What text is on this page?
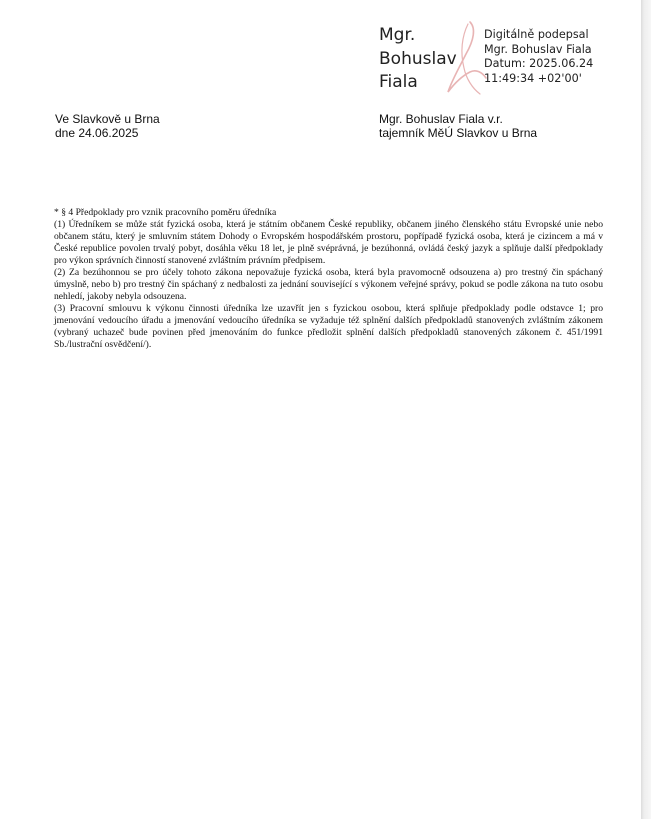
Mgr.
Bohuslav
Fiala
Digitálně podepsal
Mgr. Bohuslav Fiala
Datum: 2025.06.24
11:49:34 +02'00'
Ve Slavkově u Brna
dne 24.06.2025
Mgr. Bohuslav Fiala v.r.
tajemník MěÚ Slavkov u Brna

* § 4 Předpoklady pro vznik pracovního poměru úředníka

(1) Úředníkem se může stát fyzická osoba, která je státním občanem České republiky, občanem jiného členského státu Evropské unie nebo občanem státu, který je smluvním státem Dohody o Evropském hospodářském prostoru, popřípadě fyzická osoba, která je cizincem a má v České republice povolen trvalý pobyt, dosáhla věku 18 let, je plně svéprávná, je bezúhonná, ovládá český jazyk a splňuje další předpoklady pro výkon správních činností stanovené zvláštním právním předpisem.

(2) Za bezúhonnou se pro účely tohoto zákona nepovažuje fyzická osoba, která byla pravomocně odsouzena a) pro trestný čin spáchaný úmyslně, nebo b) pro trestný čin spáchaný z nedbalosti za jednání související s výkonem veřejné správy, pokud se podle zákona na tuto osobu nehledí, jakoby nebyla odsouzena.

(3) Pracovní smlouvu k výkonu činnosti úředníka lze uzavřít jen s fyzickou osobou, která splňuje předpoklady podle odstavce 1; pro jmenování vedoucího úřadu a jmenování vedoucího úředníka se vyžaduje též splnění dalších předpokladů stanovených zvláštním zákonem (vybraný uchazeč bude povinen před jmenováním do funkce předložit splnění dalších předpokladů stanovených zákonem č. 451/1991 Sb./lustrační osvědčení/).
